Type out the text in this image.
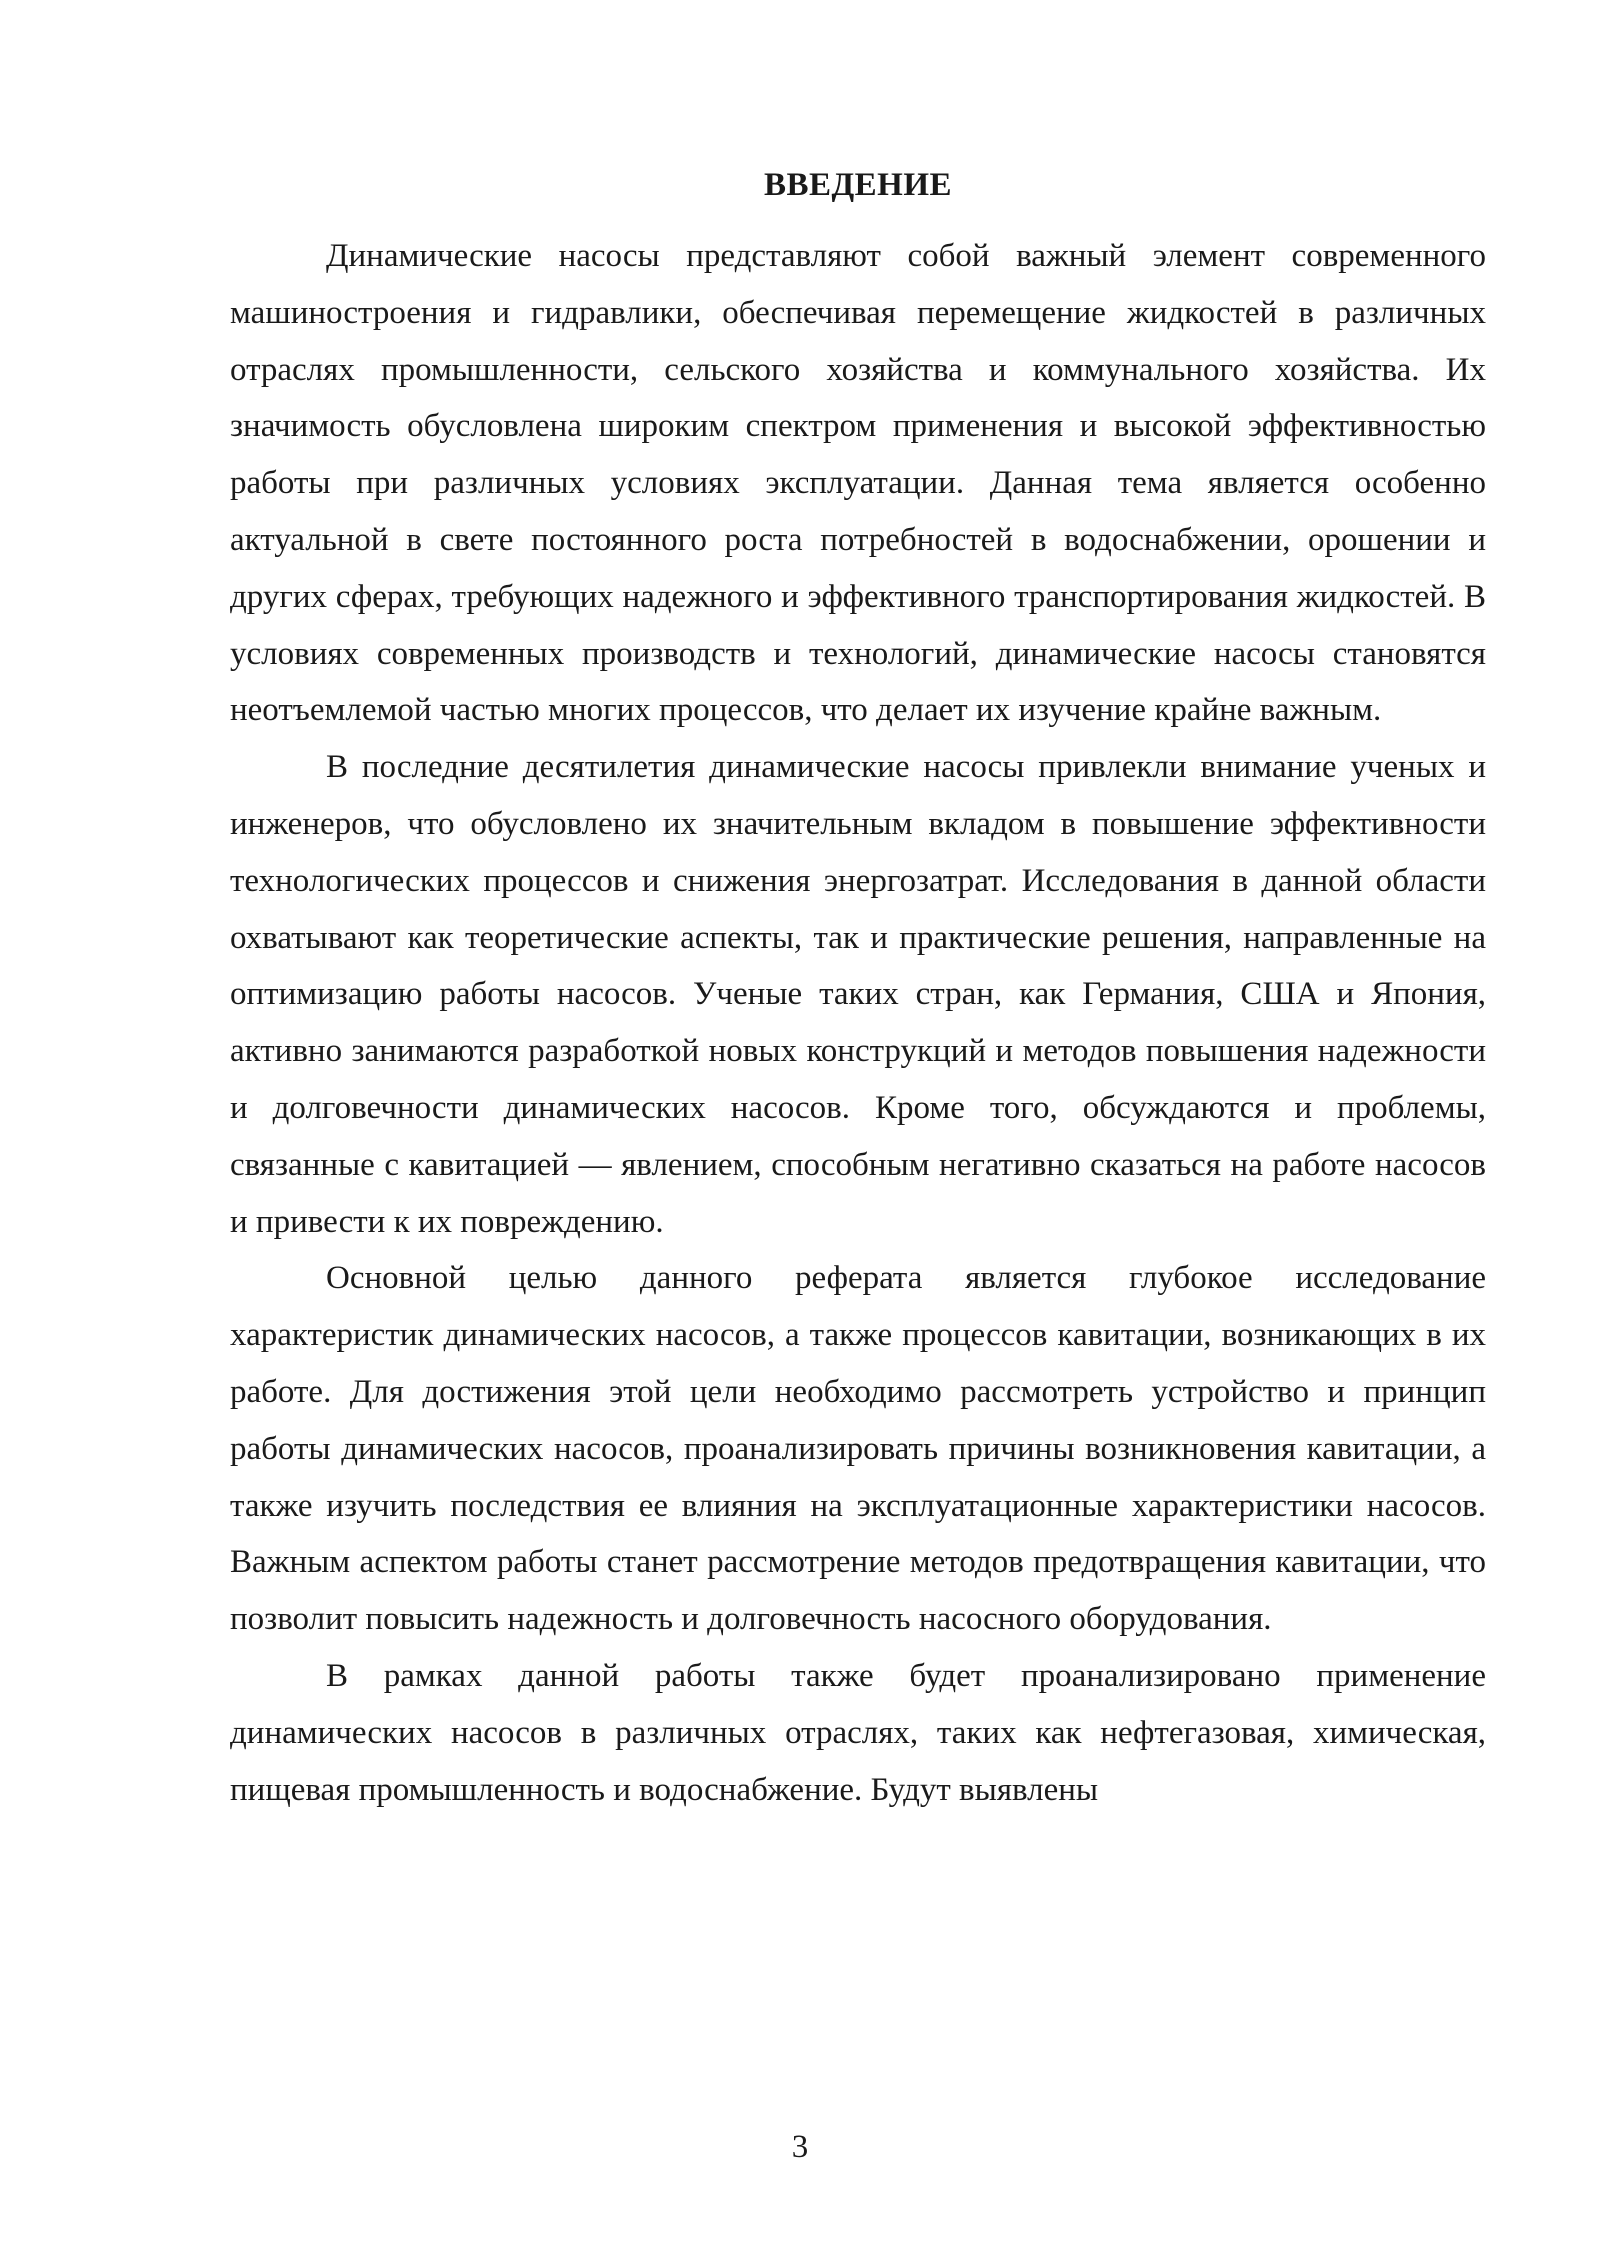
ВВЕДЕНИЕ

Динамические насосы представляют собой важный элемент современного машиностроения и гидравлики, обеспечивая перемещение жидкостей в различных отраслях промышленности, сельского хозяйства и коммунального хозяйства. Их значимость обусловлена широким спектром применения и высокой эффективностью работы при различных условиях эксплуатации. Данная тема является особенно актуальной в свете постоянного роста потребностей в водоснабжении, орошении и других сферах, требующих надежного и эффективного транспортирования жидкостей. В условиях современных производств и технологий, динамические насосы становятся неотъемлемой частью многих процессов, что делает их изучение крайне важным.

В последние десятилетия динамические насосы привлекли внимание ученых и инженеров, что обусловлено их значительным вкладом в повышение эффективности технологических процессов и снижения энергозатрат. Исследования в данной области охватывают как теоретические аспекты, так и практические решения, направленные на оптимизацию работы насосов. Ученые таких стран, как Германия, США и Япония, активно занимаются разработкой новых конструкций и методов повышения надежности и долговечности динамических насосов. Кроме того, обсуждаются и проблемы, связанные с кавитацией — явлением, способным негативно сказаться на работе насосов и привести к их повреждению.

Основной целью данного реферата является глубокое исследование характеристик динамических насосов, а также процессов кавитации, возникающих в их работе. Для достижения этой цели необходимо рассмотреть устройство и принцип работы динамических насосов, проанализировать причины возникновения кавитации, а также изучить последствия ее влияния на эксплуатационные характеристики насосов. Важным аспектом работы станет рассмотрение методов предотвращения кавитации, что позволит повысить надежность и долговечность насосного оборудования.

В рамках данной работы также будет проанализировано применение динамических насосов в различных отраслях, таких как нефтегазовая, химическая, пищевая промышленность и водоснабжение. Будут выявлены

3
